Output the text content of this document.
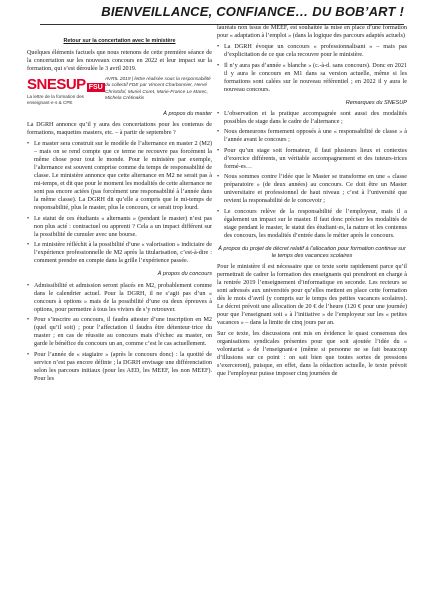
BIENVEILLANCE, CONFIANCE… DU BOB’ART !
Retour sur la concertation avec le ministère

Quelques éléments factuels que nous retenons de cette première séance de la concertation sur les nouveaux concours en 2022 et leur impact sur la formation, qui s’est déroulée le 3 avril 2019.

SNESUP FSU
La lettre de la formation des enseignant·e·s & CPE
AVRIL 2019 | lettre réalisée sous la responsabilité du collectif FDE par Vincent Charbonnier, Hervé Christofol, Muriel Coret, Marie-France Le Marec, Michela Crétinakis
À propos du master

La DGRH annonce qu’il y aura des concertations pour les contenus de formations, maquettes masters, etc. – à partir de septembre ?

• Le master sera construit sur le modèle de l’alternance en master 2 (M2) – mais on se rend compte que ce terme ne recouvre pas forcément la même chose pour tout le monde. Pour le ministère par exemple, l’alternance est souvent comprise comme du temps de responsabilité de classe. Le ministère annonce que cette alternance en M2 ne serait pas à mi-temps, et dit que pour le moment les modalités de cette alternance ne sont pas encore actées (pas forcément une responsabilité à l’année dans la même classe). La DGRH dit qu’elle a compris que le mi-temps de responsabilité, plus le master, plus le concours, ce serait trop lourd.
• Le statut de ces étudiants « alternants » (pendant le master) n’est pas non plus acté : contractuel ou apprenti ? Cela a un impact différent sur la possibilité de cumuler avec une bourse.
• Le ministère réfléchit à la possibilité d’une « valorisation » indiciaire de l’expérience professionnelle de M2 après la titularisation, c’est-à-dire : comment prendre en compte dans la grille l’expérience passée.
À propos du concours
• Admissibilité et admission seront placés en M2, probablement comme dans le calendrier actuel. Pour la DGRH, il ne s’agit pas d’un « concours à options » mais de la possibilité d’une ou deux épreuves à options, pour permettre à tous les viviers de s’y retrouver.
• Pour s’inscrire au concours, il faudra attester d’une inscription en M2 (quel qu’il soit) ; pour l’affectation il faudra être détenteur·trice du master ; en cas de réussite au concours mais d’échec au master, on garde le bénéfice du concours un an, comme c’est le cas actuellement.
• Pour l’année de « stagiaire » (après le concours donc) : la quotité de service n’est pas encore définie ; la DGRH envisage une différenciation selon les parcours initiaux (pour les AED, les MEEF, les non MEEF). Pour les

lauréats non issus de MEEF, est souhaitée la mise en place d’une formation pour « adaptation à l’emploi » (dans la logique des parcours adaptés actuels)

• La DGRH évoque un concours « professionnalisant » – mais pas d’explicitation de ce que cela recouvre pour le ministère.
• Il n’y aura pas d’année « blanche » (c.-à-d. sans concours). Donc en 2021 il y aura le concours en M1 dans sa version actuelle, même si les formations sont calées sur le nouveau référentiel ; en 2022 il y aura le nouveau concours.
Remarques du SNESUP
• L’observation et la pratique accompagnée sont aussi des modalités possibles de stage dans le cadre de l’alternance ;
• Nous demeurons fermement opposés à une « responsabilité de classe » à l’année avant le concours ;
• Pour qu’un stage soit formateur, il faut plusieurs lieux et contextes d’exercice différents, un véritable accompagnement et des tuteurs-trices formé-es…
• Nous sommes contre l’idée que le Master se transforme en une « classe préparatoire » (de deux années) au concours. Ce doit être un Master universitaire et professionnel de haut niveau ; c’est à l’université que revient la responsabilité de le concevoir ;
• Le concours relève de la responsabilité de l’employeur, mais il a également un impact sur le master. Il faut donc préciser les modalités de stage pendant le master, le statut des étudiant·es, la nature et les contenus des concours, les modalités d’entrée dans le métier après le concours.
À propos du projet de décret relatif à l’allocation pour formation continue sur le temps des vacances scolaires

Pour le ministère il est nécessaire que ce texte sorte rapidement parce qu’il permettrait de cadrer la formation des enseignants qui prendront en charge à la rentrée 2019 l’enseignement d’informatique en seconde. Les recteurs se sont adressés aux universités pour qu’elles mettent en place cette formation dès le mois d’avril (y compris sur le temps des petites vacances scolaires). Le décret prévoit une allocation de 20 € de l’heure (120 € pour une journée) pour que l’enseignant soit « à l’initiative » de l’employeur sur les « petites vacances » – dans la limite de cinq jours par an.

Sur ce texte, les discussions ont mis en évidence le quasi consensus des organisations syndicales présentes pour que soit ajoutée l’idée du « volontariat » de l’enseignant·e (même si personne ne se fait beaucoup d’illusions sur ce point : on sait bien que toutes sortes de pressions s’exerceront), puisque, en effet, dans la rédaction actuelle, le texte prévoit que l’employeur puisse imposer cinq journées de
